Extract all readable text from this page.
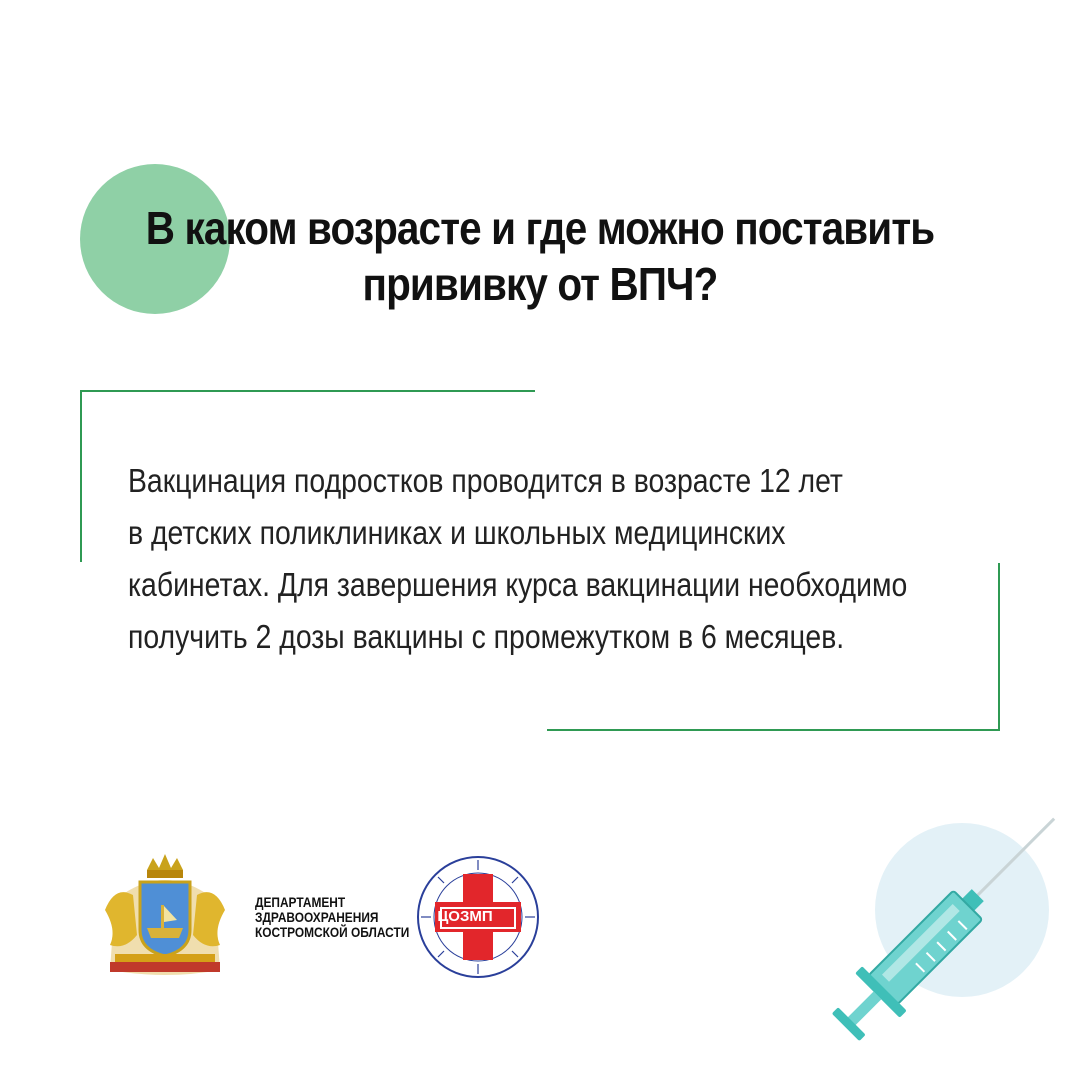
В каком возрасте и где можно поставить
прививку от ВПЧ?
Вакцинация подростков проводится в возрасте 12 лет
в детских поликлиниках и школьных медицинских
кабинетах. Для завершения курса вакцинации необходимо
получить 2 дозы вакцины с промежутком в 6 месяцев.
ДЕПАРТАМЕНТ
ЗДРАВООХРАНЕНИЯ
КОСТРОМСКОЙ ОБЛАСТИ
ЦОЗМП
